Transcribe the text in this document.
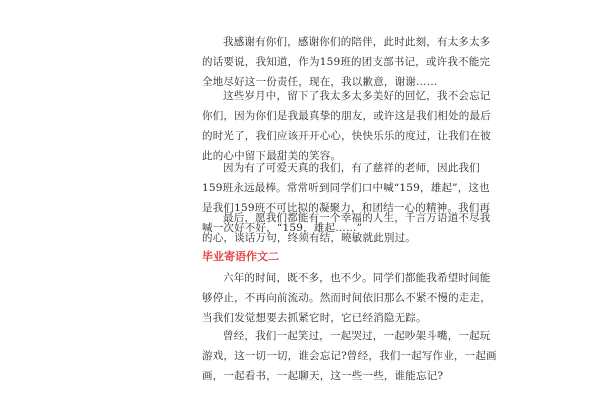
我感谢有你们，感谢你们的陪伴，此时此刻，有太多太多
的话要说，我知道，作为159班的团支部书记，或许我不能完
全地尽好这一份责任，现在，我以歉意，谢谢……

这些岁月中，留下了我太多太多美好的回忆，我不会忘记
你们，因为你们是我最真挚的朋友，或许这是我们相处的最后
的时光了，我们应该开开心心，快快乐乐的度过，让我们在彼
此的心中留下最甜美的笑容。

因为有了可爱天真的我们，有了慈祥的老师，因此我们
159班永远最棒。常常听到同学们口中喊“159，雄起”，这也
是我们159班不可比拟的凝聚力，和团结一心的精神。我们再
喊一次好不好，“159，雄起……”

最后，愿我们都能有一个幸福的人生，千言万语道不尽我
的心，谈话万句，终须有结，曉敏就此别过。

毕业寄语作文二

六年的时间，既不多，也不少。同学们都能我希望时间能
够停止，不再向前流动。然而时间依旧那么不紧不慢的走走，
当我们发觉想要去抓紧它时，它已经消隐无踪。

曾经，我们一起笑过，一起哭过，一起吵架斗嘴，一起玩
游戏，这一切一切，谁会忘记?曾经，我们一起写作业，一起画
画，一起看书，一起聊天，这一些一些，谁能忘记?
